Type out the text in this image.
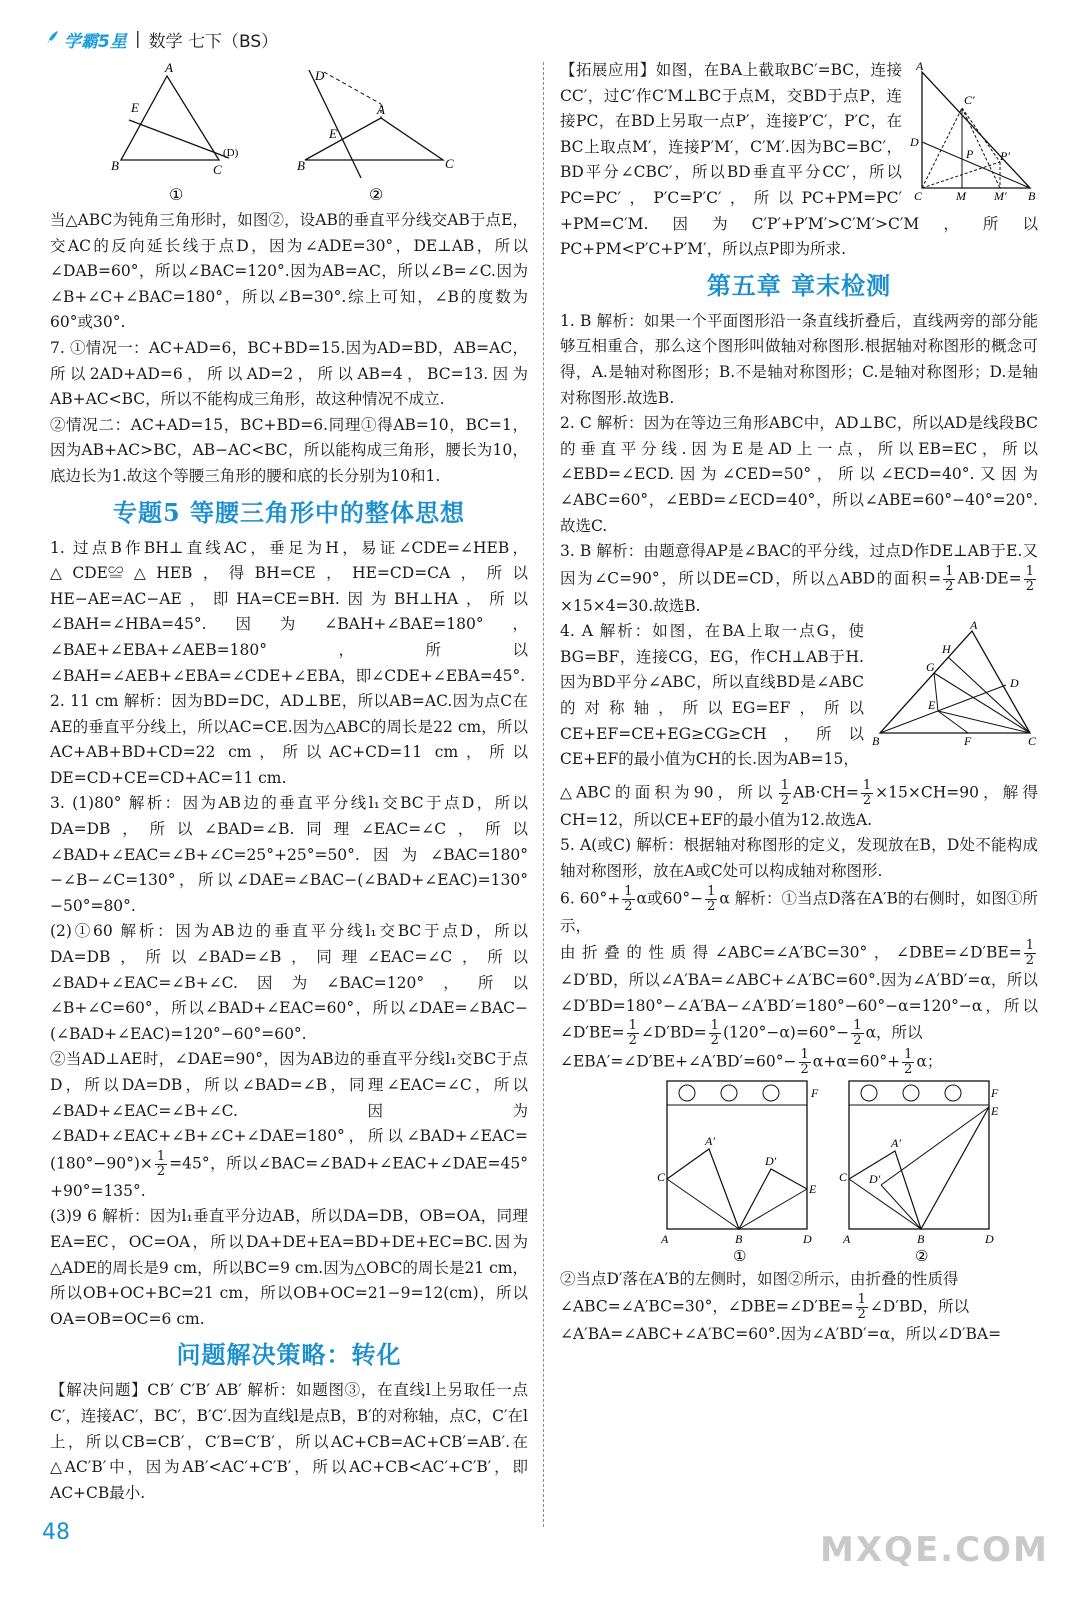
学霸5星 | 数学 七下（BS）
A
E
B	C
(D)
①
D
A
E
B	C
②

当△ABC为钝角三角形时，如图②，设AB的垂直平分线交AB于点E，交AC的反向延长线于点D，因为∠ADE=30°，DE⊥AB，所以∠DAB=60°，所以∠BAC=120°.因为AB=AC，所以∠B=∠C.因为∠B+∠C+∠BAC=180°，所以∠B=30°.综上可知，∠B的度数为60°或30°.

7. ①情况一：AC+AD=6，BC+BD=15.因为AD=BD，AB=AC，所以2AD+AD=6，所以AD=2，所以AB=4，BC=13.因为AB+AC<BC，所以不能构成三角形，故这种情况不成立.

②情况二：AC+AD=15，BC+BD=6.同理①得AB=10，BC=1，因为AB+AC>BC，AB−AC<BC，所以能构成三角形，腰长为10，底边长为1.故这个等腰三角形的腰和底的长分别为10和1.

专题5 等腰三角形中的整体思想

1. 过点B作BH⊥直线AC，垂足为H，易证∠CDE=∠HEB，△CDE≌△HEB，得BH=CE，HE=CD=CA，所以HE−AE=AC−AE，即HA=CE=BH.因为BH⊥HA，所以∠BAH=∠HBA=45°.因为∠BAH+∠BAE=180°，∠BAE+∠EBA+∠AEB=180°，所以∠BAH=∠AEB+∠EBA=∠CDE+∠EBA，即∠CDE+∠EBA=45°.

2. 11 cm 解析：因为BD=DC，AD⊥BE，所以AB=AC.因为点C在AE的垂直平分线上，所以AC=CE.因为△ABC的周长是22 cm，所以AC+AB+BD+CD=22 cm，所以AC+CD=11 cm，所以DE=CD+CE=CD+AC=11 cm.

3. (1)80° 解析：因为AB边的垂直平分线l₁交BC于点D，所以DA=DB，所以∠BAD=∠B.同理∠EAC=∠C，所以∠BAD+∠EAC=∠B+∠C=25°+25°=50°.因为∠BAC=180°−∠B−∠C=130°，所以∠DAE=∠BAC−(∠BAD+∠EAC)=130°−50°=80°.

(2)①60 解析：因为AB边的垂直平分线l₁交BC于点D，所以DA=DB，所以∠BAD=∠B，同理∠EAC=∠C，所以∠BAD+∠EAC=∠B+∠C.因为∠BAC=120°，所以∠B+∠C=60°，所以∠BAD+∠EAC=60°，所以∠DAE=∠BAC−(∠BAD+∠EAC)=120°−60°=60°.

②当AD⊥AE时，∠DAE=90°，因为AB边的垂直平分线l₁交BC于点D，所以DA=DB，所以∠BAD=∠B，同理∠EAC=∠C，所以∠BAD+∠EAC=∠B+∠C.因为∠BAD+∠EAC+∠B+∠C+∠DAE=180°，所以∠BAD+∠EAC=(180°−90°)× $\frac{1}{2} =45^\circ$，所以∠BAC=∠BAD+∠EAC+∠DAE=45°+90°=135°.

(3)9 6 解析：因为l₁垂直平分边AB，所以DA=DB，OB=OA，同理EA=EC，OC=OA，所以DA+DE+EA=BD+DE+EC=BC.因为△ADE的周长是9 cm，所以BC=9 cm.因为△OBC的周长是21 cm，所以OB+OC+BC=21 cm，所以OB+OC=21−9=12(cm)，所以OA=OB=OC=6 cm.

问题解决策略：转化

【解决问题】CB′ C′B′ AB′ 解析：如题图③，在直线l上另取任一点C′，连接AC′，BC′，B′C′.因为直线l是点B，B′的对称轴，点C，C′在l上，所以CB=CB′，C′B=C′B′，所以AC+CB=AC+CB′=AB′.在△AC′B′中，因为AB′<AC′+C′B′，所以AC+CB<AC′+C′B′，即AC+CB最小.

A
C′
D
P P′
C	M M′ B

【拓展应用】如图，在BA上截取BC′=BC，连接CC′，过C′作C′M⊥BC于点M，交BD于点P，连接PC，在BD上另取一点P′，连接P′C′，P′C，在BC上取点M′，连接P′M′，C′M′.因为BC=BC′，BD平分∠CBC′，所以BD垂直平分CC′，所以PC=PC′，P′C=P′C′，所以PC+PM=PC′+PM=C′M.因为C′P′+P′M′>C′M′>C′M，所以PC+PM<P′C+P′M′，所以点P即为所求.

第五章 章末检测

1. B 解析：如果一个平面图形沿一条直线折叠后，直线两旁的部分能够互相重合，那么这个图形叫做轴对称图形.根据轴对称图形的概念可得，A.是轴对称图形；B.不是轴对称图形；C.是轴对称图形；D.是轴对称图形.故选B.

2. C 解析：因为在等边三角形ABC中，AD⊥BC，所以AD是线段BC的垂直平分线.因为E是AD上一点，所以EB=EC，所以∠EBD=∠ECD.因为∠CED=50°，所以∠ECD=40°.又因为∠ABC=60°，∠EBD=∠ECD=40°，所以∠ABE=60°−40°=20°.故选C.

3. B 解析：由题意得AP是∠BAC的平分线，过点D作DE⊥AB于E.又因为∠C=90°，所以DE=CD，所以△ABD的面积= $\frac{1}{2} AB\cdot DE= \frac{1}{2}$
×15×4=30.故选B.

A
H
G
E
D
B	F	C

4. A 解析：如图，在BA上取一点G，使BG=BF，连接CG，EG，作CH⊥AB于H.因为BD平分∠ABC，所以直线BD是∠ABC的对称轴，所以EG=EF，所以CE+EF=CE+EG≥CG≥CH，所以CE+EF的最小值为CH的长.因为AB=15，

△ABC的面积为90，所以 $\frac{1}{2} AB\cdot CH= \frac{1}{2} \times 15\times CH=90$，解得CH=12，所以CE+EF的最小值为12.故选A.

5. A(或C) 解析：根据轴对称图形的定义，发现放在B，D处不能构成轴对称图形，放在A或C处可以构成轴对称图形.

6. $60^\circ+ \frac{1}{2}$ α或$60^\circ- \frac{1}{2}$ α 解析：①当点D落在A′B的右侧时，如图①所示，

由折叠的性质得∠ABC=∠A′BC=30°，∠DBE=∠D′BE= $\frac{1}{2}$
∠D′BD，所以∠A′BA=∠ABC+∠A′BC=60°.因为∠A′BD′=α，所以∠D′BD=180°−∠A′BA−∠A′BD′=180°−60°−α=120°−α，所以∠D′BE= $\frac{1}{2}$ ∠D′BD= $\frac{1}{2} (120^\circ-\alpha)=60^\circ- \frac{1}{2}$ α，所以

∠EBA′=∠D′BE+∠A′BD′=60°− $\frac{1}{2} \alpha+\alpha=60^\circ+ \frac{1}{2}$ α；

F
C
A′
D′
E
A	B	D
①
F
E
C
A′
D′
A	B	D
②

②当点D′落在A′B的左侧时，如图②所示，由折叠的性质得

∠ABC=∠A′BC=30°，∠DBE=∠D′BE= $\frac{1}{2}$ ∠D′BD，所以

∠A′BA=∠ABC+∠A′BC=60°.因为∠A′BD′=α，所以∠D′BA=

48	MXQE.COM
